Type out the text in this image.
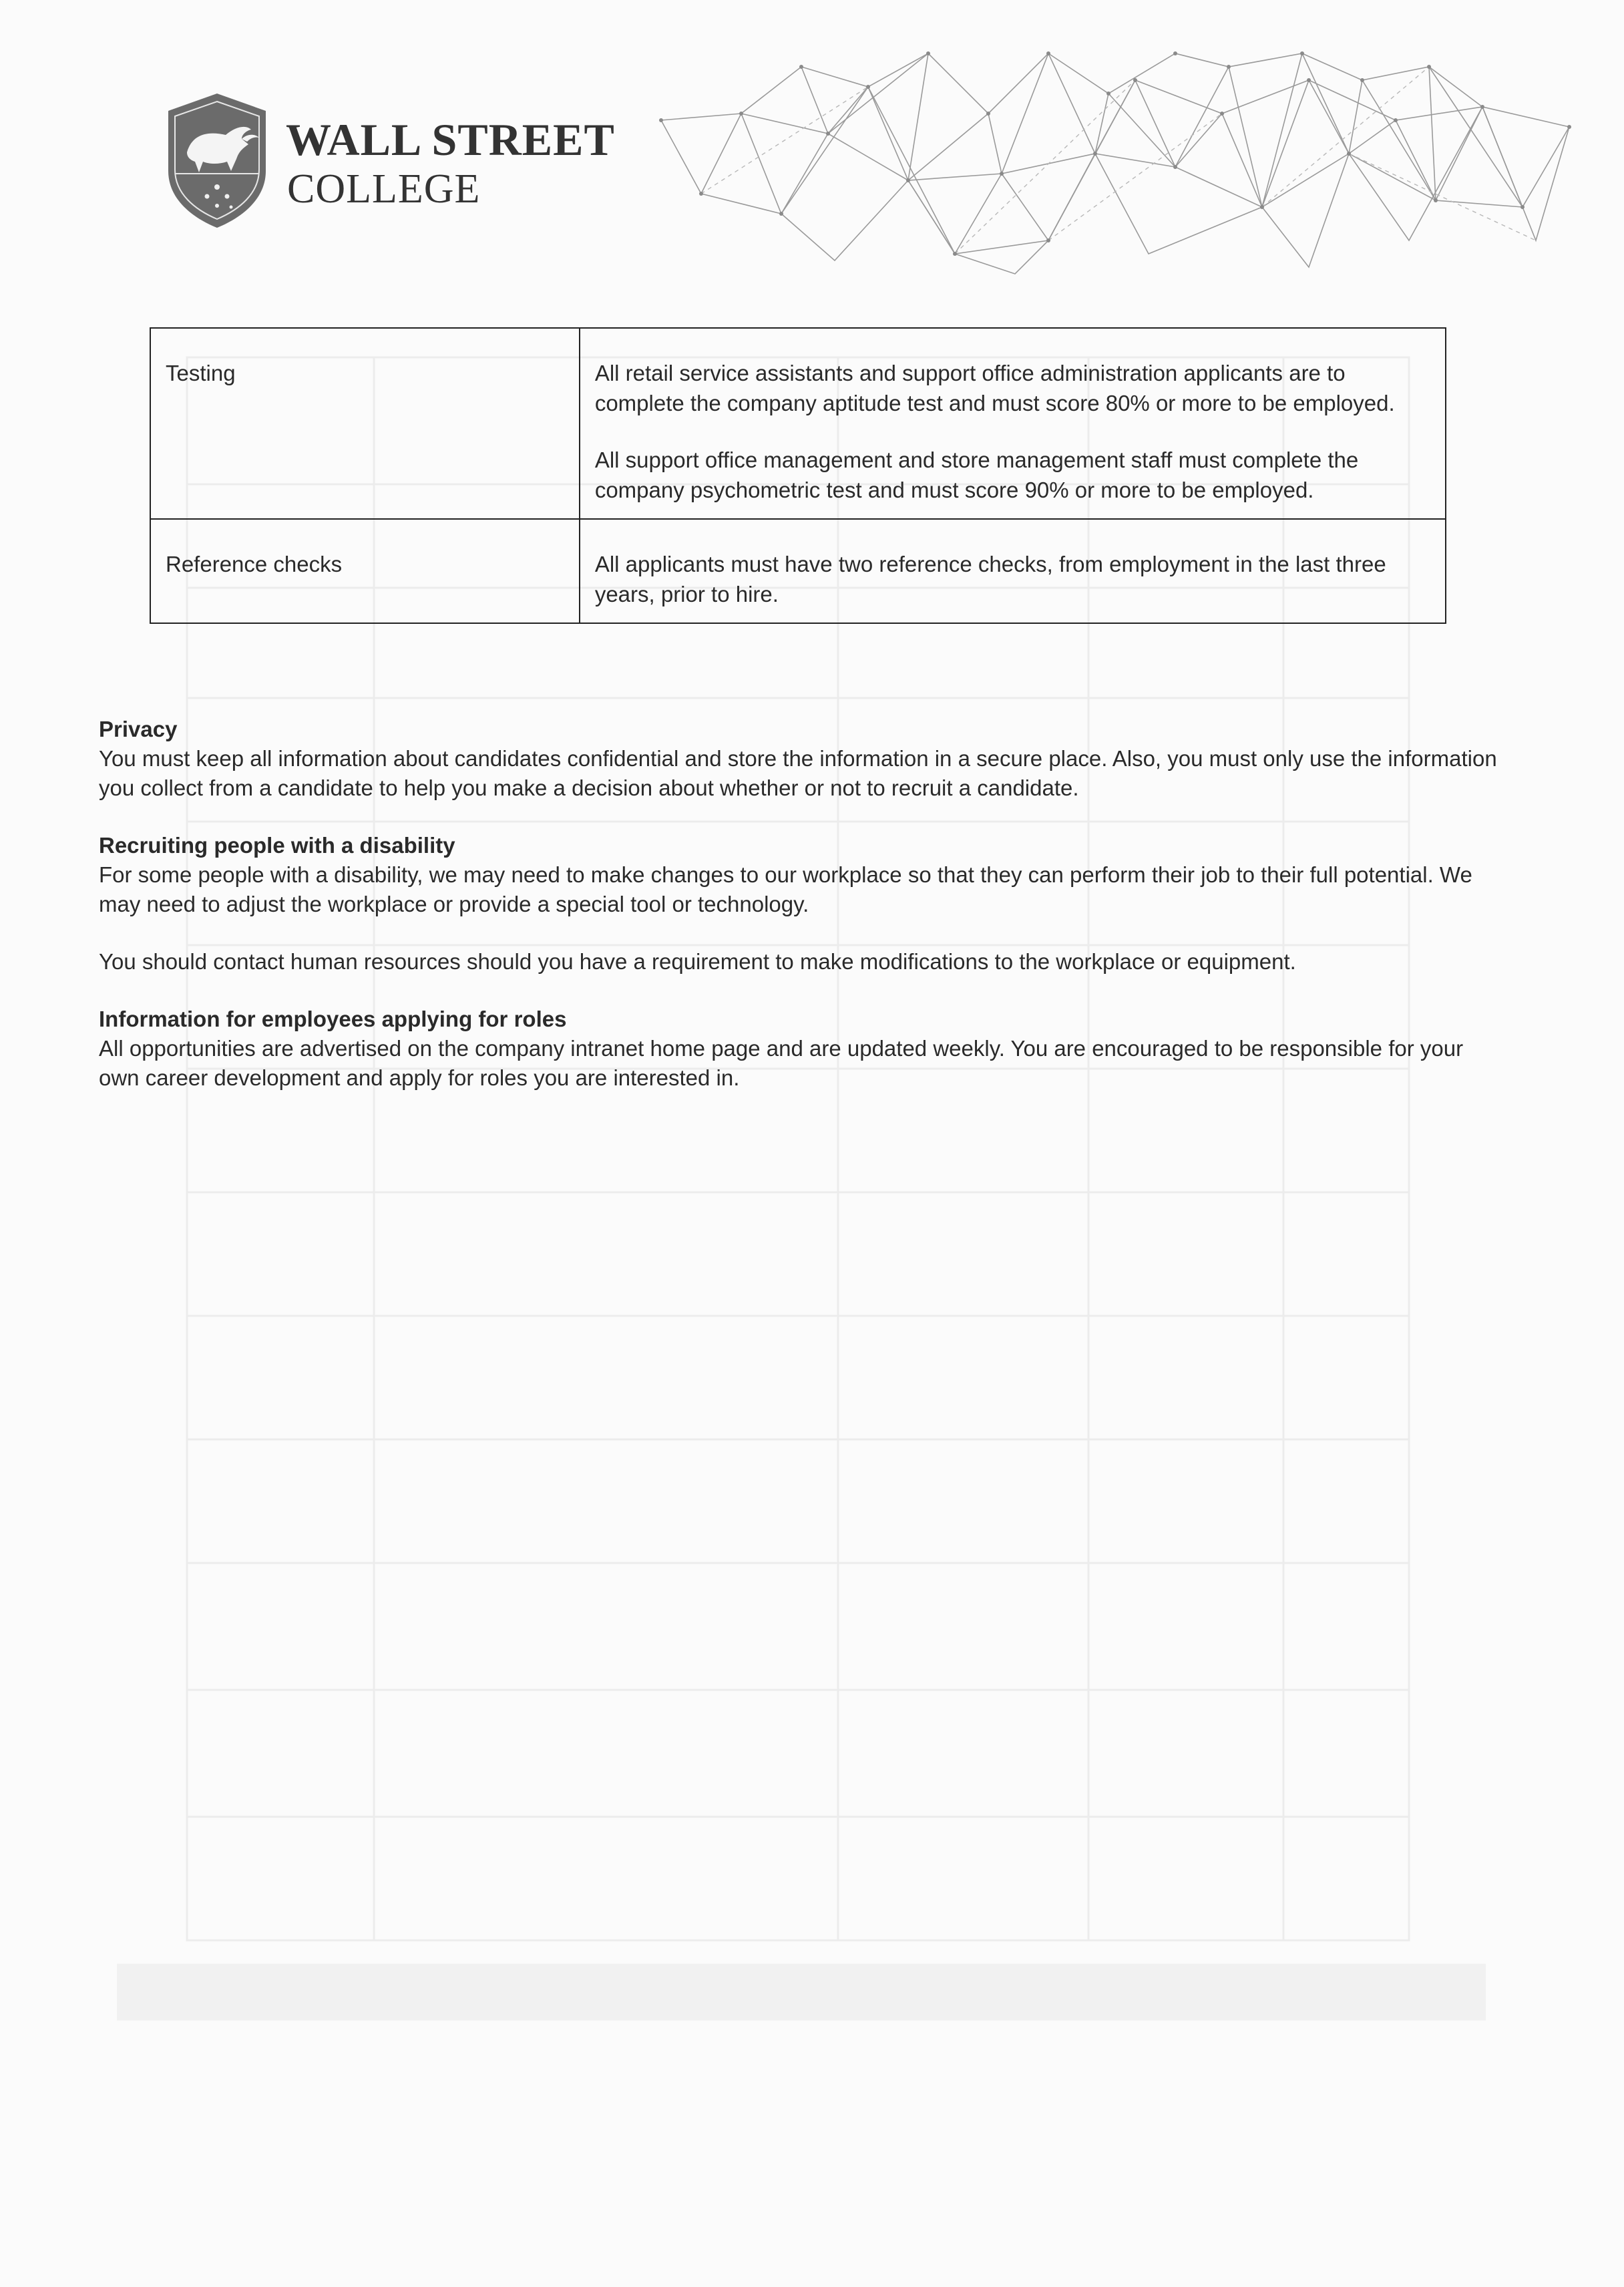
WALL STREET
COLLEGE
Testing	All retail service assistants and support office administration applicants are to complete the company aptitude test and must score 80% or more to be employed.

All support office management and store management staff must complete the company psychometric test and must score 90% or more to be employed.

Reference checks	All applicants must have two reference checks, from employment in the last three years, prior to hire.

Privacy

You must keep all information about candidates confidential and store the information in a secure place. Also, you must only use the information you collect from a candidate to help you make a decision about whether or not to recruit a candidate.

Recruiting people with a disability

For some people with a disability, we may need to make changes to our workplace so that they can perform their job to their full potential. We may need to adjust the workplace or provide a special tool or technology.

You should contact human resources should you have a requirement to make modifications to the workplace or equipment.

Information for employees applying for roles

All opportunities are advertised on the company intranet home page and are updated weekly. You are encouraged to be responsible for your own career development and apply for roles you are interested in.
